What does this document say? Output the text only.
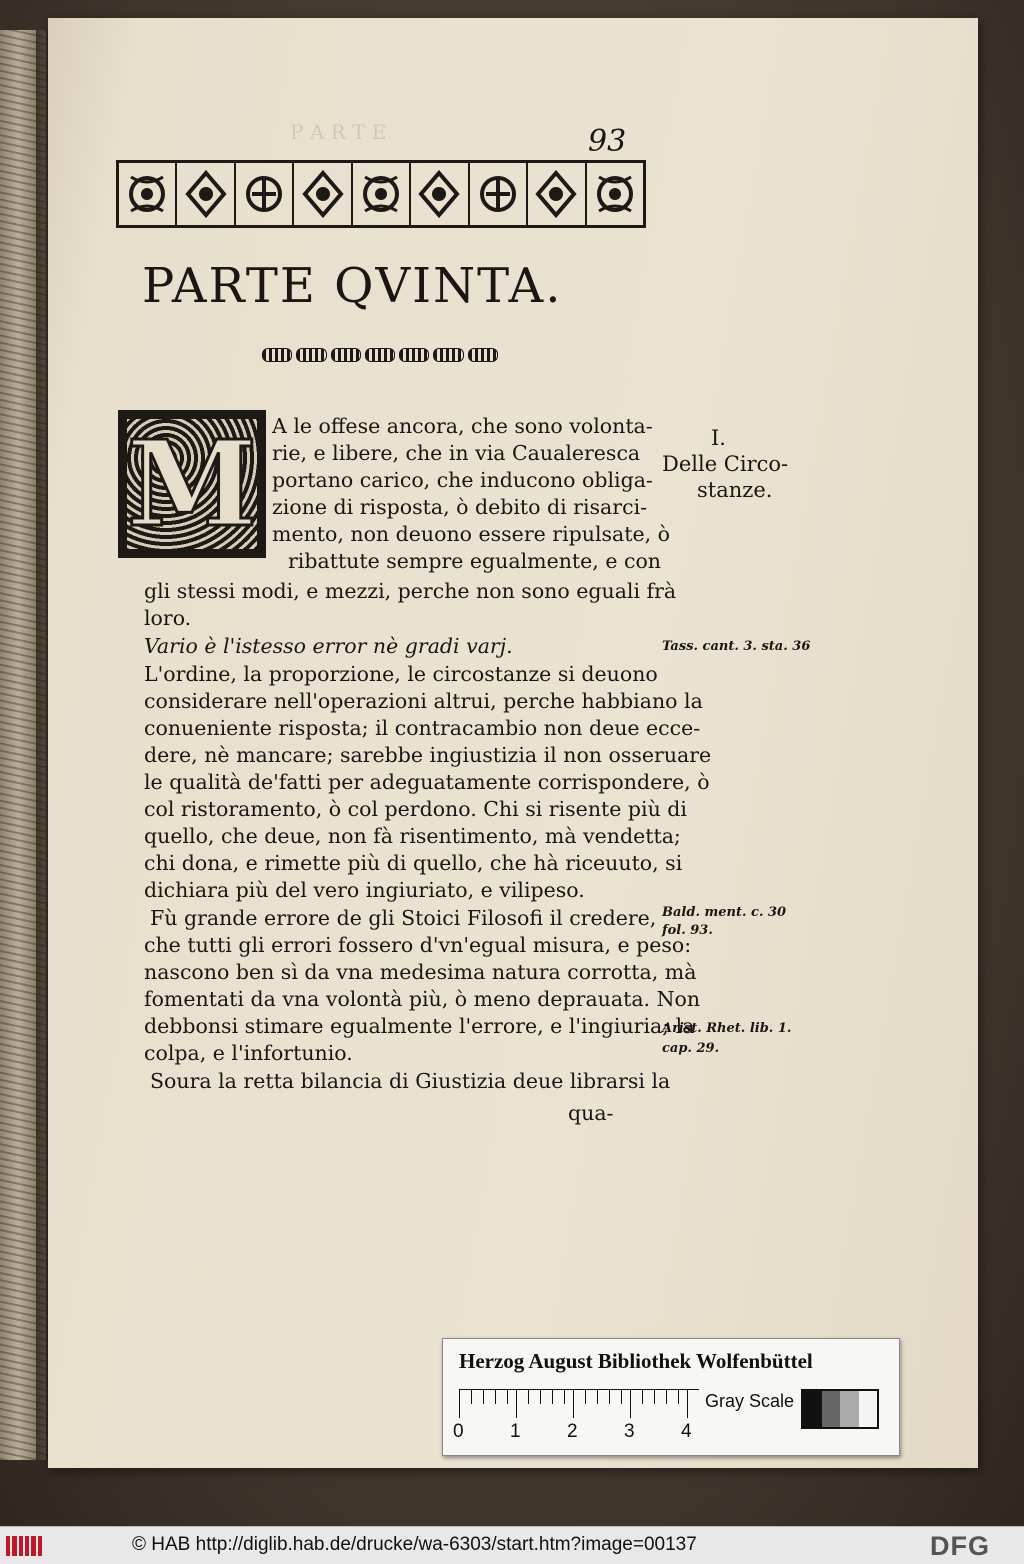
P A R T E	93
PARTE QVINTA.
M A le offese ancora, che sono volonta-
rie, e libere, che in via Caualeresca
portano carico, che inducono obliga-
zione di risposta, ò debito di risarci-
mento, non deuono essere ripulsate, ò
ribattute sempre egualmente, e con
gli stessi modi, e mezzi, perche non sono eguali frà
loro.
Vario è l'istesso error nè gradi varj.
L'ordine, la proporzione, le circostanze si deuono
considerare nell'operazioni altrui, perche habbiano la
conueniente risposta; il contracambio non deue ecce-
dere, nè mancare; sarebbe ingiustizia il non osseruare
le qualità de'fatti per adeguatamente corrispondere, ò
col ristoramento, ò col perdono. Chi si risente più di
quello, che deue, non fà risentimento, mà vendetta;
chi dona, e rimette più di quello, che hà riceuuto, si
dichiara più del vero ingiuriato, e vilipeso.
Fù grande errore de gli Stoici Filosofi il credere,
che tutti gli errori fossero d'vn'egual misura, e peso:
nascono ben sì da vna medesima natura corrotta, mà
fomentati da vna volontà più, ò meno deprauata. Non
debbonsi stimare egualmente l'errore, e l'ingiuria; la
colpa, e l'infortunio.
Soura la retta bilancia di Giustizia deue librarsi la
qua-
I.
Delle Circo-
stanze.
Tass. cant. 3. sta. 36
Bald. ment. c. 30
fol. 93.
Arist. Rhet. lib. 1.
cap. 29.
Herzog August Bibliothek Wolfenbüttel
0 1 2 3 4
Gray Scale
© HAB http://diglib.hab.de/drucke/wa-6303/start.htm?image=00137	DFG
